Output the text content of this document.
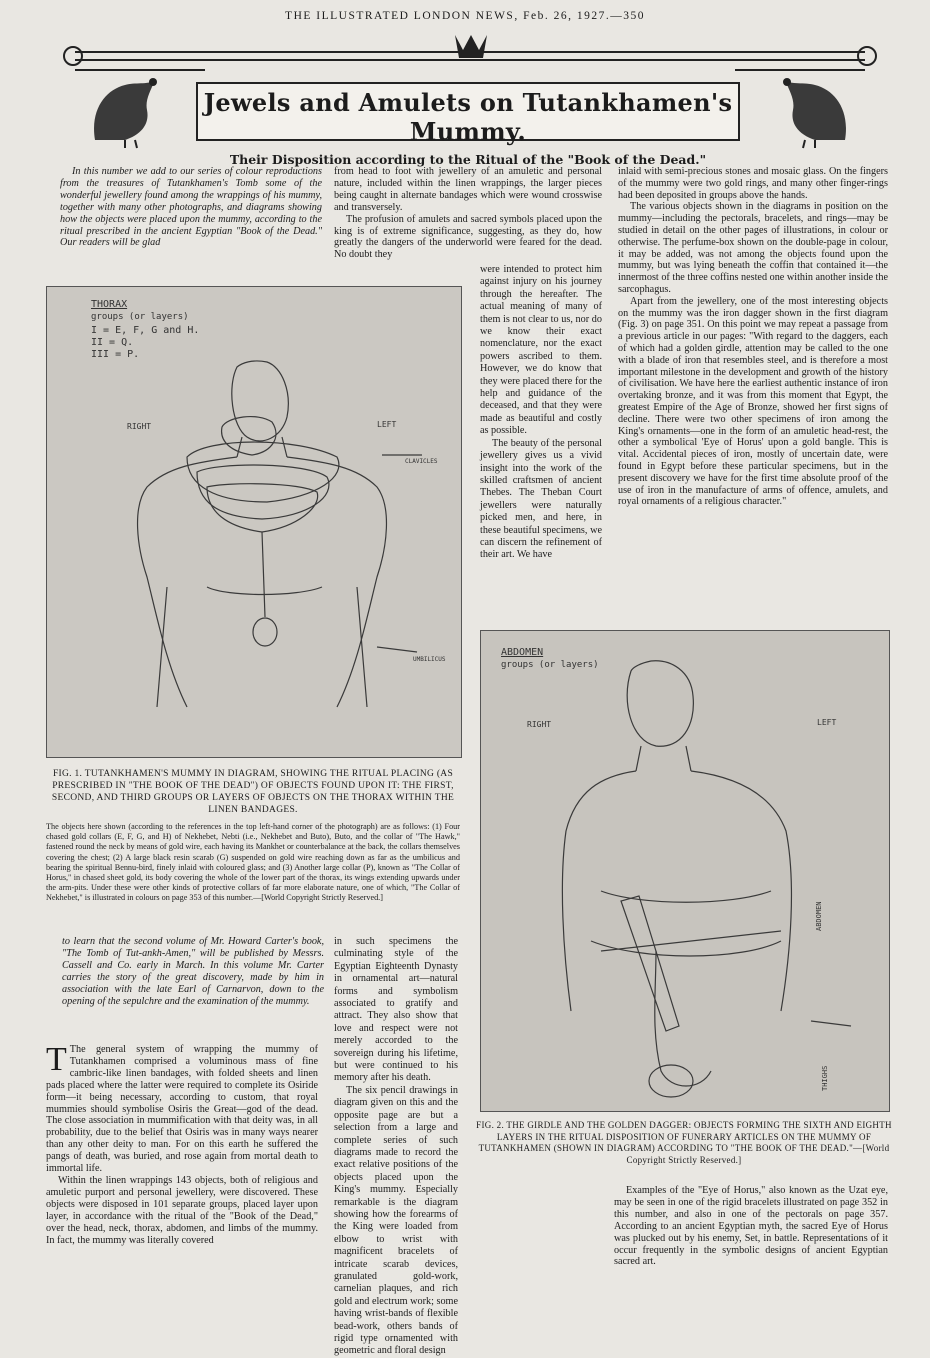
THE ILLUSTRATED LONDON NEWS, Feb. 26, 1927.—350
Jewels and Amulets on Tutankhamen's Mummy.
Their Disposition according to the Ritual of the "Book of the Dead."

In this number we add to our series of colour reproductions from the treasures of Tutankhamen's Tomb some of the wonderful jewellery found among the wrappings of his mummy, together with many other photographs, and diagrams showing how the objects were placed upon the mummy, according to the ritual prescribed in the ancient Egyptian "Book of the Dead." Our readers will be glad

from head to foot with jewellery of an amuletic and personal nature, included within the linen wrappings, the larger pieces being caught in alternate bandages which were wound crosswise and transversely.

The profusion of amulets and sacred symbols placed upon the king is of extreme significance, suggesting, as they do, how greatly the dangers of the underworld were feared for the dead. No doubt they

were intended to protect him against injury on his journey through the hereafter. The actual meaning of many of them is not clear to us, nor do we know their exact nomenclature, nor the exact powers ascribed to them. However, we do know that they were placed there for the help and guidance of the deceased, and that they were made as beautiful and costly as possible.

The beauty of the personal jewellery gives us a vivid insight into the work of the skilled craftsmen of ancient Thebes. The Theban Court jewellers were naturally picked men, and here, in these beautiful specimens, we can discern the refinement of their art. We have

inlaid with semi-precious stones and mosaic glass. On the fingers of the mummy were two gold rings, and many other finger-rings had been deposited in groups above the hands.

The various objects shown in the diagrams in position on the mummy—including the pectorals, bracelets, and rings—may be studied in detail on the other pages of illustrations, in colour or otherwise. The perfume-box shown on the double-page in colour, it may be added, was not among the objects found upon the mummy, but was lying beneath the coffin that contained it—the innermost of the three coffins nested one within another inside the sarcophagus.

Apart from the jewellery, one of the most interesting objects on the mummy was the iron dagger shown in the first diagram (Fig. 3) on page 351. On this point we may repeat a passage from a previous article in our pages: "With regard to the daggers, each of which had a golden girdle, attention may be called to the one with a blade of iron that resembles steel, and is therefore a most important milestone in the development and growth of the history of civilisation. We have here the earliest authentic instance of iron overtaking bronze, and it was from this moment that Egypt, the greatest Empire of the Age of Bronze, showed her first signs of decline. There were two other specimens of iron among the King's ornaments—one in the form of an amuletic head-rest, the other a symbolical 'Eye of Horus' upon a gold bangle. This is vital. Accidental pieces of iron, mostly of uncertain date, were found in Egypt before these particular specimens, but in the present discovery we have for the first time absolute proof of the use of iron in the manufacture of arms of offence, amulets, and royal ornaments of a religious character."

THORAX
groups (or layers)
I = E, F, G and H.
II = Q.
III = P.
RIGHT	LEFT
CLAVICLES
UMBILICUS
FIG. 1. TUTANKHAMEN'S MUMMY IN DIAGRAM, SHOWING THE RITUAL PLACING (AS PRESCRIBED IN "THE BOOK OF THE DEAD") OF OBJECTS FOUND UPON IT: THE FIRST, SECOND, AND THIRD GROUPS OR LAYERS OF OBJECTS ON THE THORAX WITHIN THE LINEN BANDAGES.
The objects here shown (according to the references in the top left-hand corner of the photograph) are as follows: (1) Four chased gold collars (E, F, G, and H) of Nekhebet, Nebti (i.e., Nekhebet and Buto), Buto, and the collar of "The Hawk," fastened round the neck by means of gold wire, each having its Mankhet or counterbalance at the back, the collars themselves covering the chest; (2) A large black resin scarab (G) suspended on gold wire reaching down as far as the umbilicus and bearing the spiritual Bennu-bird, finely inlaid with coloured glass; and (3) Another large collar (P), known as "The Collar of Horus," in chased sheet gold, its body covering the whole of the lower part of the thorax, its wings extending upwards under the arm-pits. Under these were other kinds of protective collars of far more elaborate nature, one of which, "The Collar of Nekhebet," is illustrated in colours on page 353 of this number.—[World Copyright Strictly Reserved.]

to learn that the second volume of Mr. Howard Carter's book, "The Tomb of Tut-ankh-Amen," will be published by Messrs. Cassell and Co. early in March. In this volume Mr. Carter carries the story of the great discovery, made by him in association with the late Earl of Carnarvon, down to the opening of the sepulchre and the examination of the mummy.

in such specimens the culminating style of the Egyptian Eighteenth Dynasty in ornamental art—natural forms and symbolism associated to gratify and attract. They also show that love and respect were not merely accorded to the sovereign during his lifetime, but were continued to his memory after his death.

The six pencil drawings in diagram given on this and the opposite page are but a selection from a large and complete series of such diagrams made to record the exact relative positions of the objects placed upon the King's mummy. Especially remarkable is the diagram showing how the forearms of the King were loaded from elbow to wrist with magnificent bracelets of intricate scarab devices, granulated gold-work, carnelian plaques, and rich gold and electrum work; some having wrist-bands of flexible bead-work, others bands of rigid type ornamented with geometric and floral design

T The general system of wrapping the mummy of Tutankhamen comprised a voluminous mass of fine cambric-like linen bandages, with folded sheets and linen pads placed where the latter were required to complete its Osiride form—it being necessary, according to custom, that royal mummies should symbolise Osiris the Great—god of the dead. The close association in mummification with that deity was, in all probability, due to the belief that Osiris was in many ways nearer than any other deity to man. For on this earth he suffered the pangs of death, was buried, and rose again from mortal death to immortal life.

Within the linen wrappings 143 objects, both of religious and amuletic purport and personal jewellery, were discovered. These objects were disposed in 101 separate groups, placed layer upon layer, in accordance with the ritual of the "Book of the Dead," over the head, neck, thorax, abdomen, and limbs of the mummy. In fact, the mummy was literally covered

ABDOMEN
groups (or layers)
RIGHT	LEFT
ABDOMEN
THIGHS
FIG. 2. THE GIRDLE AND THE GOLDEN DAGGER: OBJECTS FORMING THE SIXTH AND EIGHTH LAYERS IN THE RITUAL DISPOSITION OF FUNERARY ARTICLES ON THE MUMMY OF TUTANKHAMEN (SHOWN IN DIAGRAM) ACCORDING TO "THE BOOK OF THE DEAD."—[World Copyright Strictly Reserved.]

Examples of the "Eye of Horus," also known as the Uzat eye, may be seen in one of the rigid bracelets illustrated on page 352 in this number, and also in one of the pectorals on page 357. According to an ancient Egyptian myth, the sacred Eye of Horus was plucked out by his enemy, Set, in battle. Representations of it occur frequently in the symbolic designs of ancient Egyptian sacred art.
